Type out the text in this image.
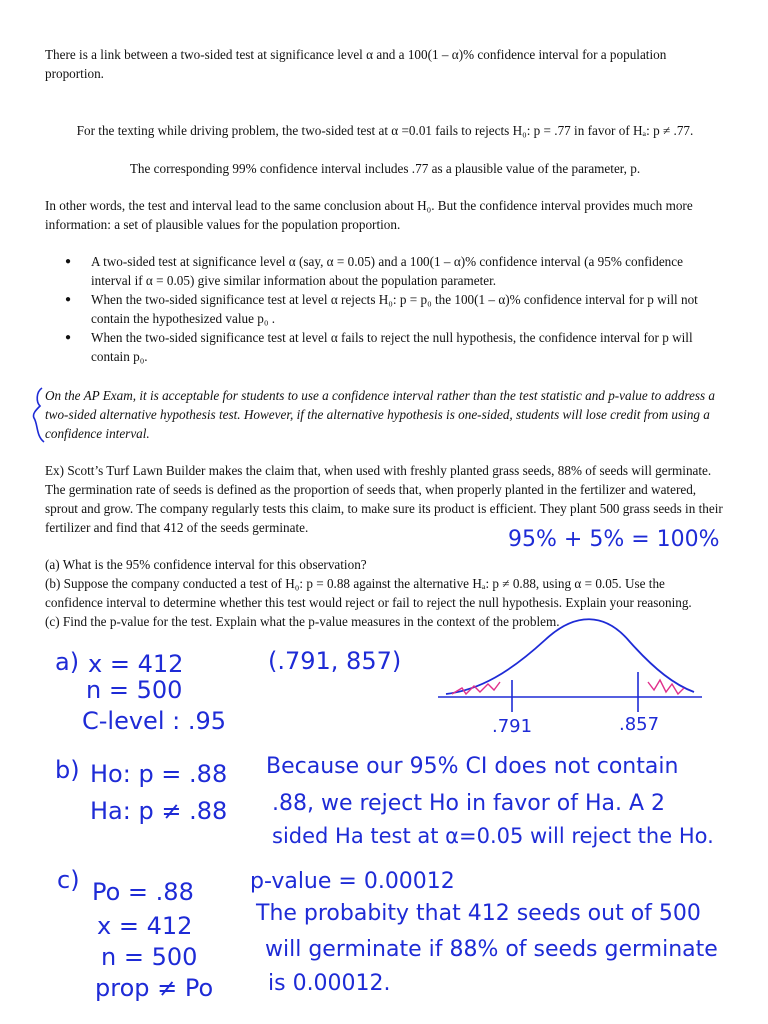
There is a link between a two-sided test at significance level α and a 100(1 – α)% confidence interval for a population proportion.
For the texting while driving problem, the two-sided test at α =0.01 fails to rejects H₀: p = .77 in favor of Hₐ: p ≠ .77.
The corresponding 99% confidence interval includes .77 as a plausible value of the parameter, p.
In other words, the test and interval lead to the same conclusion about H₀. But the confidence interval provides much more information: a set of plausible values for the population proportion.
● A two-sided test at significance level α (say, α = 0.05) and a 100(1 – α)% confidence interval (a 95% confidence interval if α = 0.05) give similar information about the population parameter.
● When the two-sided significance test at level α rejects H₀: p = p₀ the 100(1 – α)% confidence interval for p will not contain the hypothesized value p₀ .
● When the two-sided significance test at level α fails to reject the null hypothesis, the confidence interval for p will contain p₀.
On the AP Exam, it is acceptable for students to use a confidence interval rather than the test statistic and p-value to address a two-sided alternative hypothesis test. However, if the alternative hypothesis is one-sided, students will lose credit from using a confidence interval.
Ex) Scott’s Turf Lawn Builder makes the claim that, when used with freshly planted grass seeds, 88% of seeds will germinate. The germination rate of seeds is defined as the proportion of seeds that, when properly planted in the fertilizer and watered, sprout and grow. The company regularly tests this claim, to make sure its product is efficient. They plant 500 grass seeds in their fertilizer and find that 412 of the seeds germinate.
(a) What is the 95% confidence interval for this observation?
(b) Suppose the company conducted a test of H₀: p = 0.88 against the alternative Hₐ: p ≠ 0.88, using α = 0.05. Use the confidence interval to determine whether this test would reject or fail to reject the null hypothesis. Explain your reasoning.
(c) Find the p-value for the test. Explain what the p-value measures in the context of the problem.
95% + 5% = 100%
a) x = 412
n = 500
C-level : .95
(.791, 857)
.791	.857
b) Ho: p = .88
Ha: p ≠ .88
Because our 95% CI does not contain
.88, we reject Ho in favor of Ha. A 2
sided Ha test at α=0.05 will reject the Ho.
c) Po = .88
x = 412
n = 500
prop ≠ Po
p-value = 0.00012
The probabity that 412 seeds out of 500
will germinate if 88% of seeds germinate
is 0.00012.
